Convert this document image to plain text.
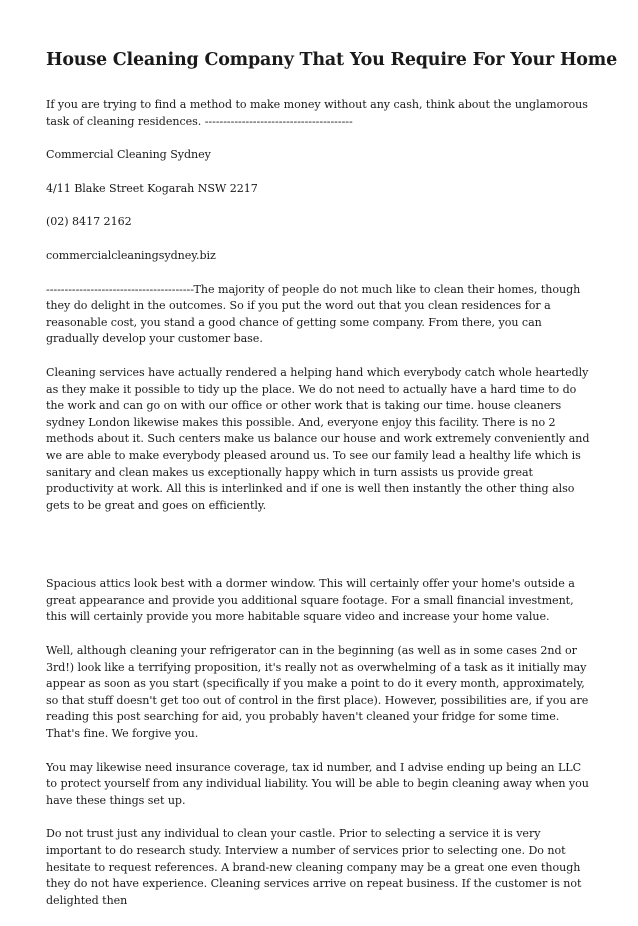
House Cleaning Company That You Require For Your Home

If you are trying to find a method to make money without any cash, think about the unglamorous task of cleaning residences. ----------------------------------------

Commercial Cleaning Sydney

4/11 Blake Street Kogarah NSW 2217

(02) 8417 2162

commercialcleaningsydney.biz

----------------------------------------The majority of people do not much like to clean their homes, though they do delight in the outcomes. So if you put the word out that you clean residences for a reasonable cost, you stand a good chance of getting some company. From there, you can gradually develop your customer base.

Cleaning services have actually rendered a helping hand which everybody catch whole heartedly as they make it possible to tidy up the place. We do not need to actually have a hard time to do the work and can go on with our office or other work that is taking our time. house cleaners sydney London likewise makes this possible. And, everyone enjoy this facility. There is no 2 methods about it. Such centers make us balance our house and work extremely conveniently and we are able to make everybody pleased around us. To see our family lead a healthy life which is sanitary and clean makes us exceptionally happy which in turn assists us provide great productivity at work. All this is interlinked and if one is well then instantly the other thing also gets to be great and goes on efficiently.

Spacious attics look best with a dormer window. This will certainly offer your home's outside a great appearance and provide you additional square footage. For a small financial investment, this will certainly provide you more habitable square video and increase your home value.

Well, although cleaning your refrigerator can in the beginning (as well as in some cases 2nd or 3rd!) look like a terrifying proposition, it's really not as overwhelming of a task as it initially may appear as soon as you start (specifically if you make a point to do it every month, approximately, so that stuff doesn't get too out of control in the first place). However, possibilities are, if you are reading this post searching for aid, you probably haven't cleaned your fridge for some time. That's fine. We forgive you.

You may likewise need insurance coverage, tax id number, and I advise ending up being an LLC to protect yourself from any individual liability. You will be able to begin cleaning away when you have these things set up.

Do not trust just any individual to clean your castle. Prior to selecting a service it is very important to do research study. Interview a number of services prior to selecting one. Do not hesitate to request references. A brand-new cleaning company may be a great one even though they do not have experience. Cleaning services arrive on repeat business. If the customer is not delighted then
